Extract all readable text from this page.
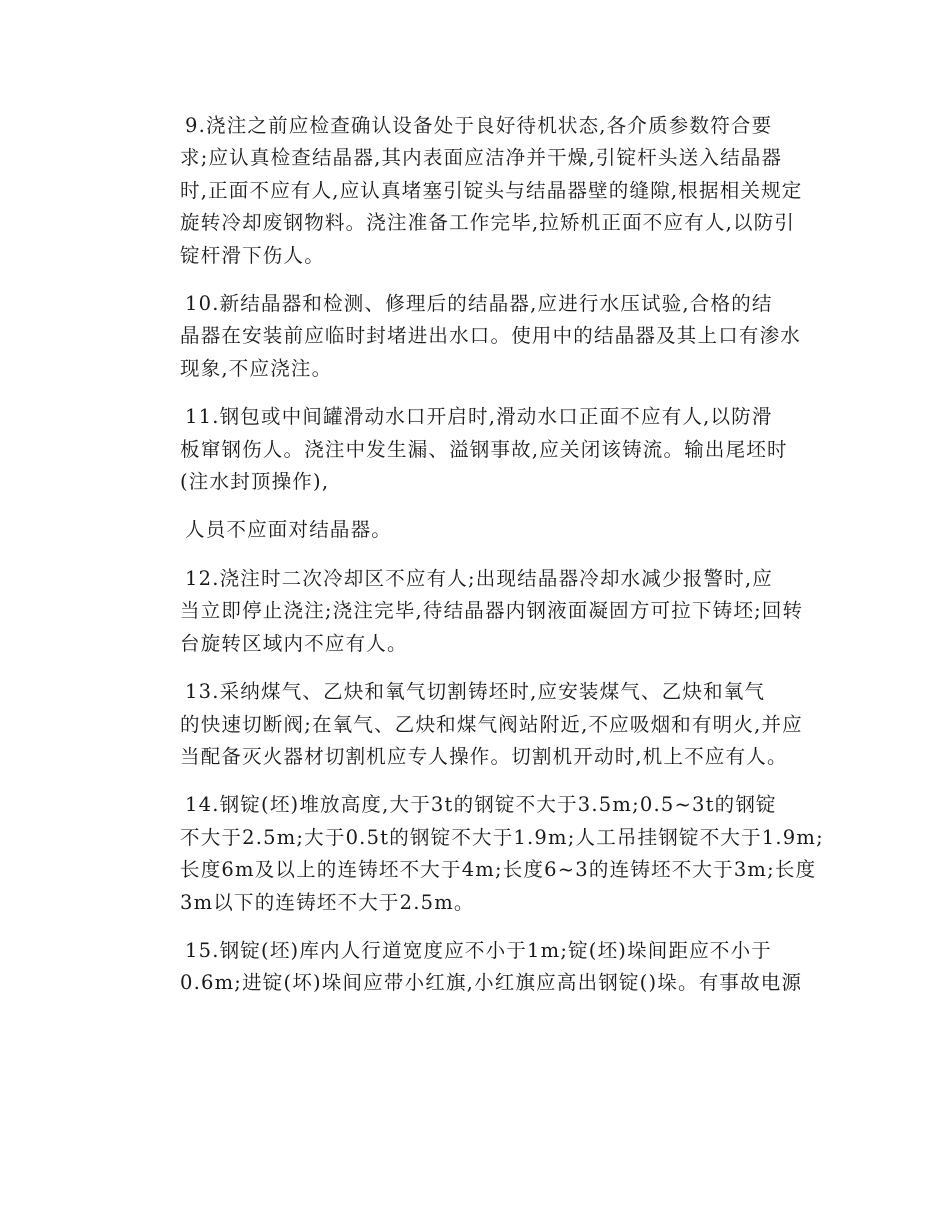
9.浇注之前应检查确认设备处于良好待机状态,各介质参数符合要
求;应认真检查结晶器,其内表面应洁净并干燥,引锭杆头送入结晶器
时,正面不应有人,应认真堵塞引锭头与结晶器壁的缝隙,根据相关规定
旋转冷却废钢物料。浇注准备工作完毕,拉矫机正面不应有人,以防引
锭杆滑下伤人。

10.新结晶器和检测、修理后的结晶器,应进行水压试验,合格的结
晶器在安装前应临时封堵进出水口。使用中的结晶器及其上口有渗水
现象,不应浇注。

11.钢包或中间罐滑动水口开启时,滑动水口正面不应有人,以防滑
板窜钢伤人。浇注中发生漏、溢钢事故,应关闭该铸流。输出尾坯时
(注水封顶操作),

人员不应面对结晶器。

12.浇注时二次冷却区不应有人;出现结晶器冷却水减少报警时,应
当立即停止浇注;浇注完毕,待结晶器内钢液面凝固方可拉下铸坯;回转
台旋转区域内不应有人。

13.采纳煤气、乙炔和氧气切割铸坯时,应安装煤气、乙炔和氧气
的快速切断阀;在氧气、乙炔和煤气阀站附近,不应吸烟和有明火,并应
当配备灭火器材切割机应专人操作。切割机开动时,机上不应有人。

14.钢锭(坯)堆放高度,大于3t的钢锭不大于3.5m;0.5~3t的钢锭
不大于2.5m;大于0.5t的钢锭不大于1.9m;人工吊挂钢锭不大于1.9m;
长度6m及以上的连铸坯不大于4m;长度6~3的连铸坯不大于3m;长度
3m以下的连铸坯不大于2.5m。

15.钢锭(坯)库内人行道宽度应不小于1m;锭(坯)垛间距应不小于
0.6m;进锭(坏)垛间应带小红旗,小红旗应高出钢锭()垛。有事故电源
